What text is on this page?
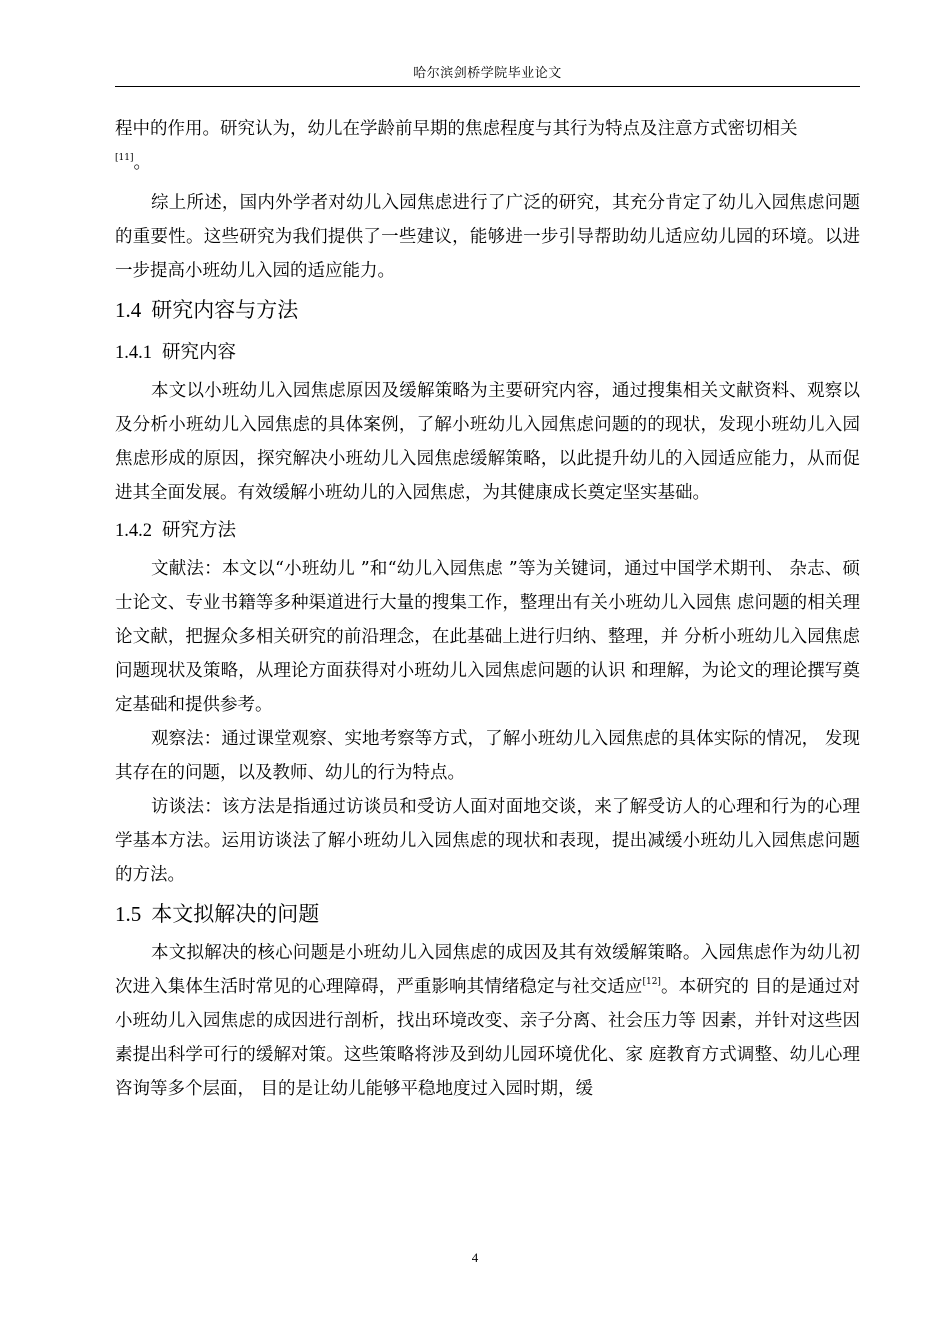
哈尔滨剑桥学院毕业论文

程中的作用。研究认为，幼儿在学龄前早期的焦虑程度与其行为特点及注意方式密切相关

[11]。

综上所述，国内外学者对幼儿入园焦虑进行了广泛的研究，其充分肯定了幼儿入园焦虑问题的重要性。这些研究为我们提供了一些建议，能够进一步引导帮助幼儿适应幼儿园的环境。以进一步提高小班幼儿入园的适应能力。

1.4 研究内容与方法
1.4.1 研究内容

本文以小班幼儿入园焦虑原因及缓解策略为主要研究内容，通过搜集相关文献资料、观察以及分析小班幼儿入园焦虑的具体案例，了解小班幼儿入园焦虑问题的的现状，发现小班幼儿入园焦虑形成的原因，探究解决小班幼儿入园焦虑缓解策略，以此提升幼儿的入园适应能力，从而促进其全面发展。有效缓解小班幼儿的入园焦虑，为其健康成长奠定坚实基础。

1.4.2 研究方法

文献法：本文以“小班幼儿 ”和“幼儿入园焦虑 ”等为关键词，通过中国学术期刊、 杂志、硕士论文、专业书籍等多种渠道进行大量的搜集工作，整理出有关小班幼儿入园焦 虑问题的相关理论文献，把握众多相关研究的前沿理念，在此基础上进行归纳、整理，并 分析小班幼儿入园焦虑问题现状及策略，从理论方面获得对小班幼儿入园焦虑问题的认识 和理解，为论文的理论撰写奠定基础和提供参考。

观察法：通过课堂观察、实地考察等方式，了解小班幼儿入园焦虑的具体实际的情况， 发现其存在的问题，以及教师、幼儿的行为特点。

访谈法：该方法是指通过访谈员和受访人面对面地交谈，来了解受访人的心理和行为的心理学基本方法。运用访谈法了解小班幼儿入园焦虑的现状和表现，提出减缓小班幼儿入园焦虑问题的方法。

1.5 本文拟解决的问题

本文拟解决的核心问题是小班幼儿入园焦虑的成因及其有效缓解策略。入园焦虑作为幼儿初次进入集体生活时常见的心理障碍，严重影响其情绪稳定与社交适应[12]。本研究的 目的是通过对小班幼儿入园焦虑的成因进行剖析，找出环境改变、亲子分离、社会压力等 因素，并针对这些因素提出科学可行的缓解对策。这些策略将涉及到幼儿园环境优化、家 庭教育方式调整、幼儿心理咨询等多个层面， 目的是让幼儿能够平稳地度过入园时期，缓

4
